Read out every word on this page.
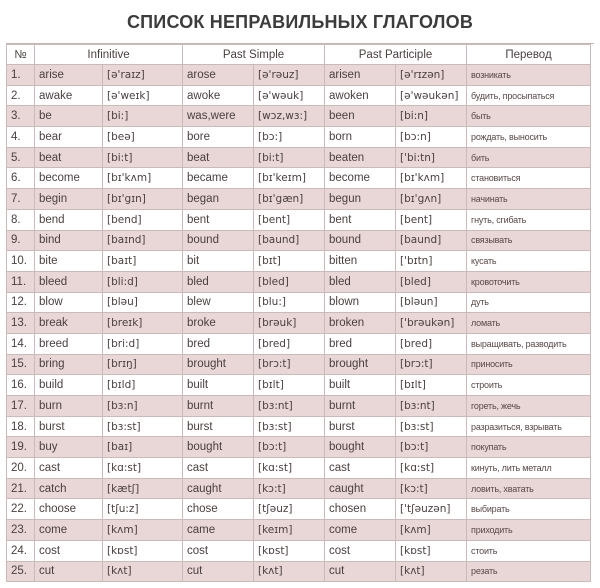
СПИСОК НЕПРАВИЛЬНЫХ ГЛАГОЛОВ
№	Infinitive		Past Simple		Past Participle		Перевод
1.	arise	[ə'raɪz]	arose	[ə'rəuz]	arisen	[ə'rɪzən]	возникать
2.	awake	[ə'weɪk]	awoke	[ə'wəuk]	awoken	[ə'wəukən]	будить, просыпаться
3.	be	[bi:]	was,were	[wɔz,wɜ:]	been	[bi:n]	быть
4.	bear	[beə]	bore	[bɔ:]	born	[bɔ:n]	рождать, выносить
5.	beat	[bi:t]	beat	[bi:t]	beaten	['bi:tn]	бить
6.	become	[bɪ'kʌm]	became	[bɪ'keɪm]	become	[bɪ'kʌm]	становиться
7.	begin	[bɪ'gɪn]	began	[bɪ'gæn]	begun	[bɪ'gʌn]	начинать
8.	bend	[bend]	bent	[bent]	bent	[bent]	гнуть, сгибать
9.	bind	[baɪnd]	bound	[baund]	bound	[baund]	связывать
10.	bite	[baɪt]	bit	[bɪt]	bitten	['bɪtn]	кусать
11.	bleed	[bli:d]	bled	[bled]	bled	[bled]	кровоточить
12.	blow	[bləu]	blew	[blu:]	blown	[bləun]	дуть
13.	break	[breɪk]	broke	[brəuk]	broken	['brəukən]	ломать
14.	breed	[bri:d]	bred	[bred]	bred	[bred]	выращивать, разводить
15.	bring	[brɪŋ]	brought	[brɔ:t]	brought	[brɔ:t]	приносить
16.	build	[bɪld]	built	[bɪlt]	built	[bɪlt]	строить
17.	burn	[bɜ:n]	burnt	[bɜ:nt]	burnt	[bɜ:nt]	гореть, жечь
18.	burst	[bɜ:st]	burst	[bɜ:st]	burst	[bɜ:st]	разразиться, взрывать
19.	buy	[baɪ]	bought	[bɔ:t]	bought	[bɔ:t]	покупать
20.	cast	[kɑ:st]	cast	[kɑ:st]	cast	[kɑ:st]	кинуть, лить металл
21.	catch	[kætʃ]	caught	[kɔ:t]	caught	[kɔ:t]	ловить, хватать
22.	choose	[tʃu:z]	chose	[tʃəuz]	chosen	['tʃəuzən]	выбирать
23.	come	[kʌm]	came	[keɪm]	come	[kʌm]	приходить
24.	cost	[kɒst]	cost	[kɒst]	cost	[kɒst]	стоить
25.	cut	[kʌt]	cut	[kʌt]	cut	[kʌt]	резать
